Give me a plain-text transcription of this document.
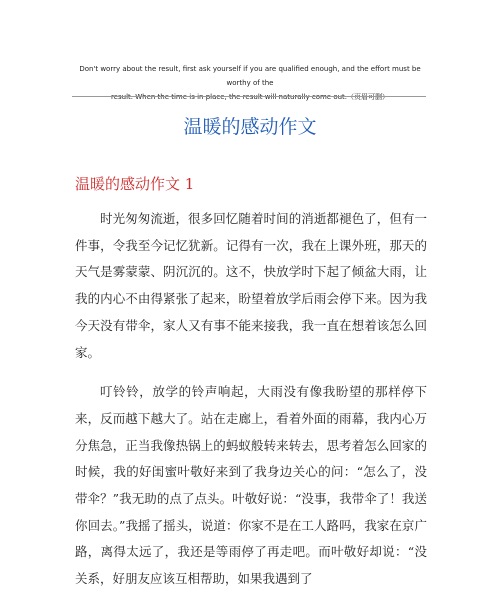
Don't worry about the result, first ask yourself if you are qualified enough, and the effort must be worthy of the
result. When the time is in place, the result will naturally come out.（页眉可删）
温暖的感动作文
温暖的感动作文 1

时光匆匆流逝，很多回忆随着时间的消逝都褪色了，但有一件事，令我至今记忆犹新。记得有一次，我在上课外班，那天的天气是雾蒙蒙、阴沉沉的。这不，快放学时下起了倾盆大雨，让我的内心不由得紧张了起来，盼望着放学后雨会停下来。因为我今天没有带伞，家人又有事不能来接我，我一直在想着该怎么回家。

叮铃铃，放学的铃声响起，大雨没有像我盼望的那样停下来，反而越下越大了。站在走廊上，看着外面的雨幕，我内心万分焦急，正当我像热锅上的蚂蚁般转来转去，思考着怎么回家的时候，我的好闺蜜叶敬好来到了我身边关心的问：“怎么了，没带伞？”我无助的点了点头。叶敬好说：“没事，我带伞了！我送你回去。”我摇了摇头，说道：你家不是在工人路吗，我家在京广路，离得太远了，我还是等雨停了再走吧。而叶敬好却说：“没关系，好朋友应该互相帮助，如果我遇到了
